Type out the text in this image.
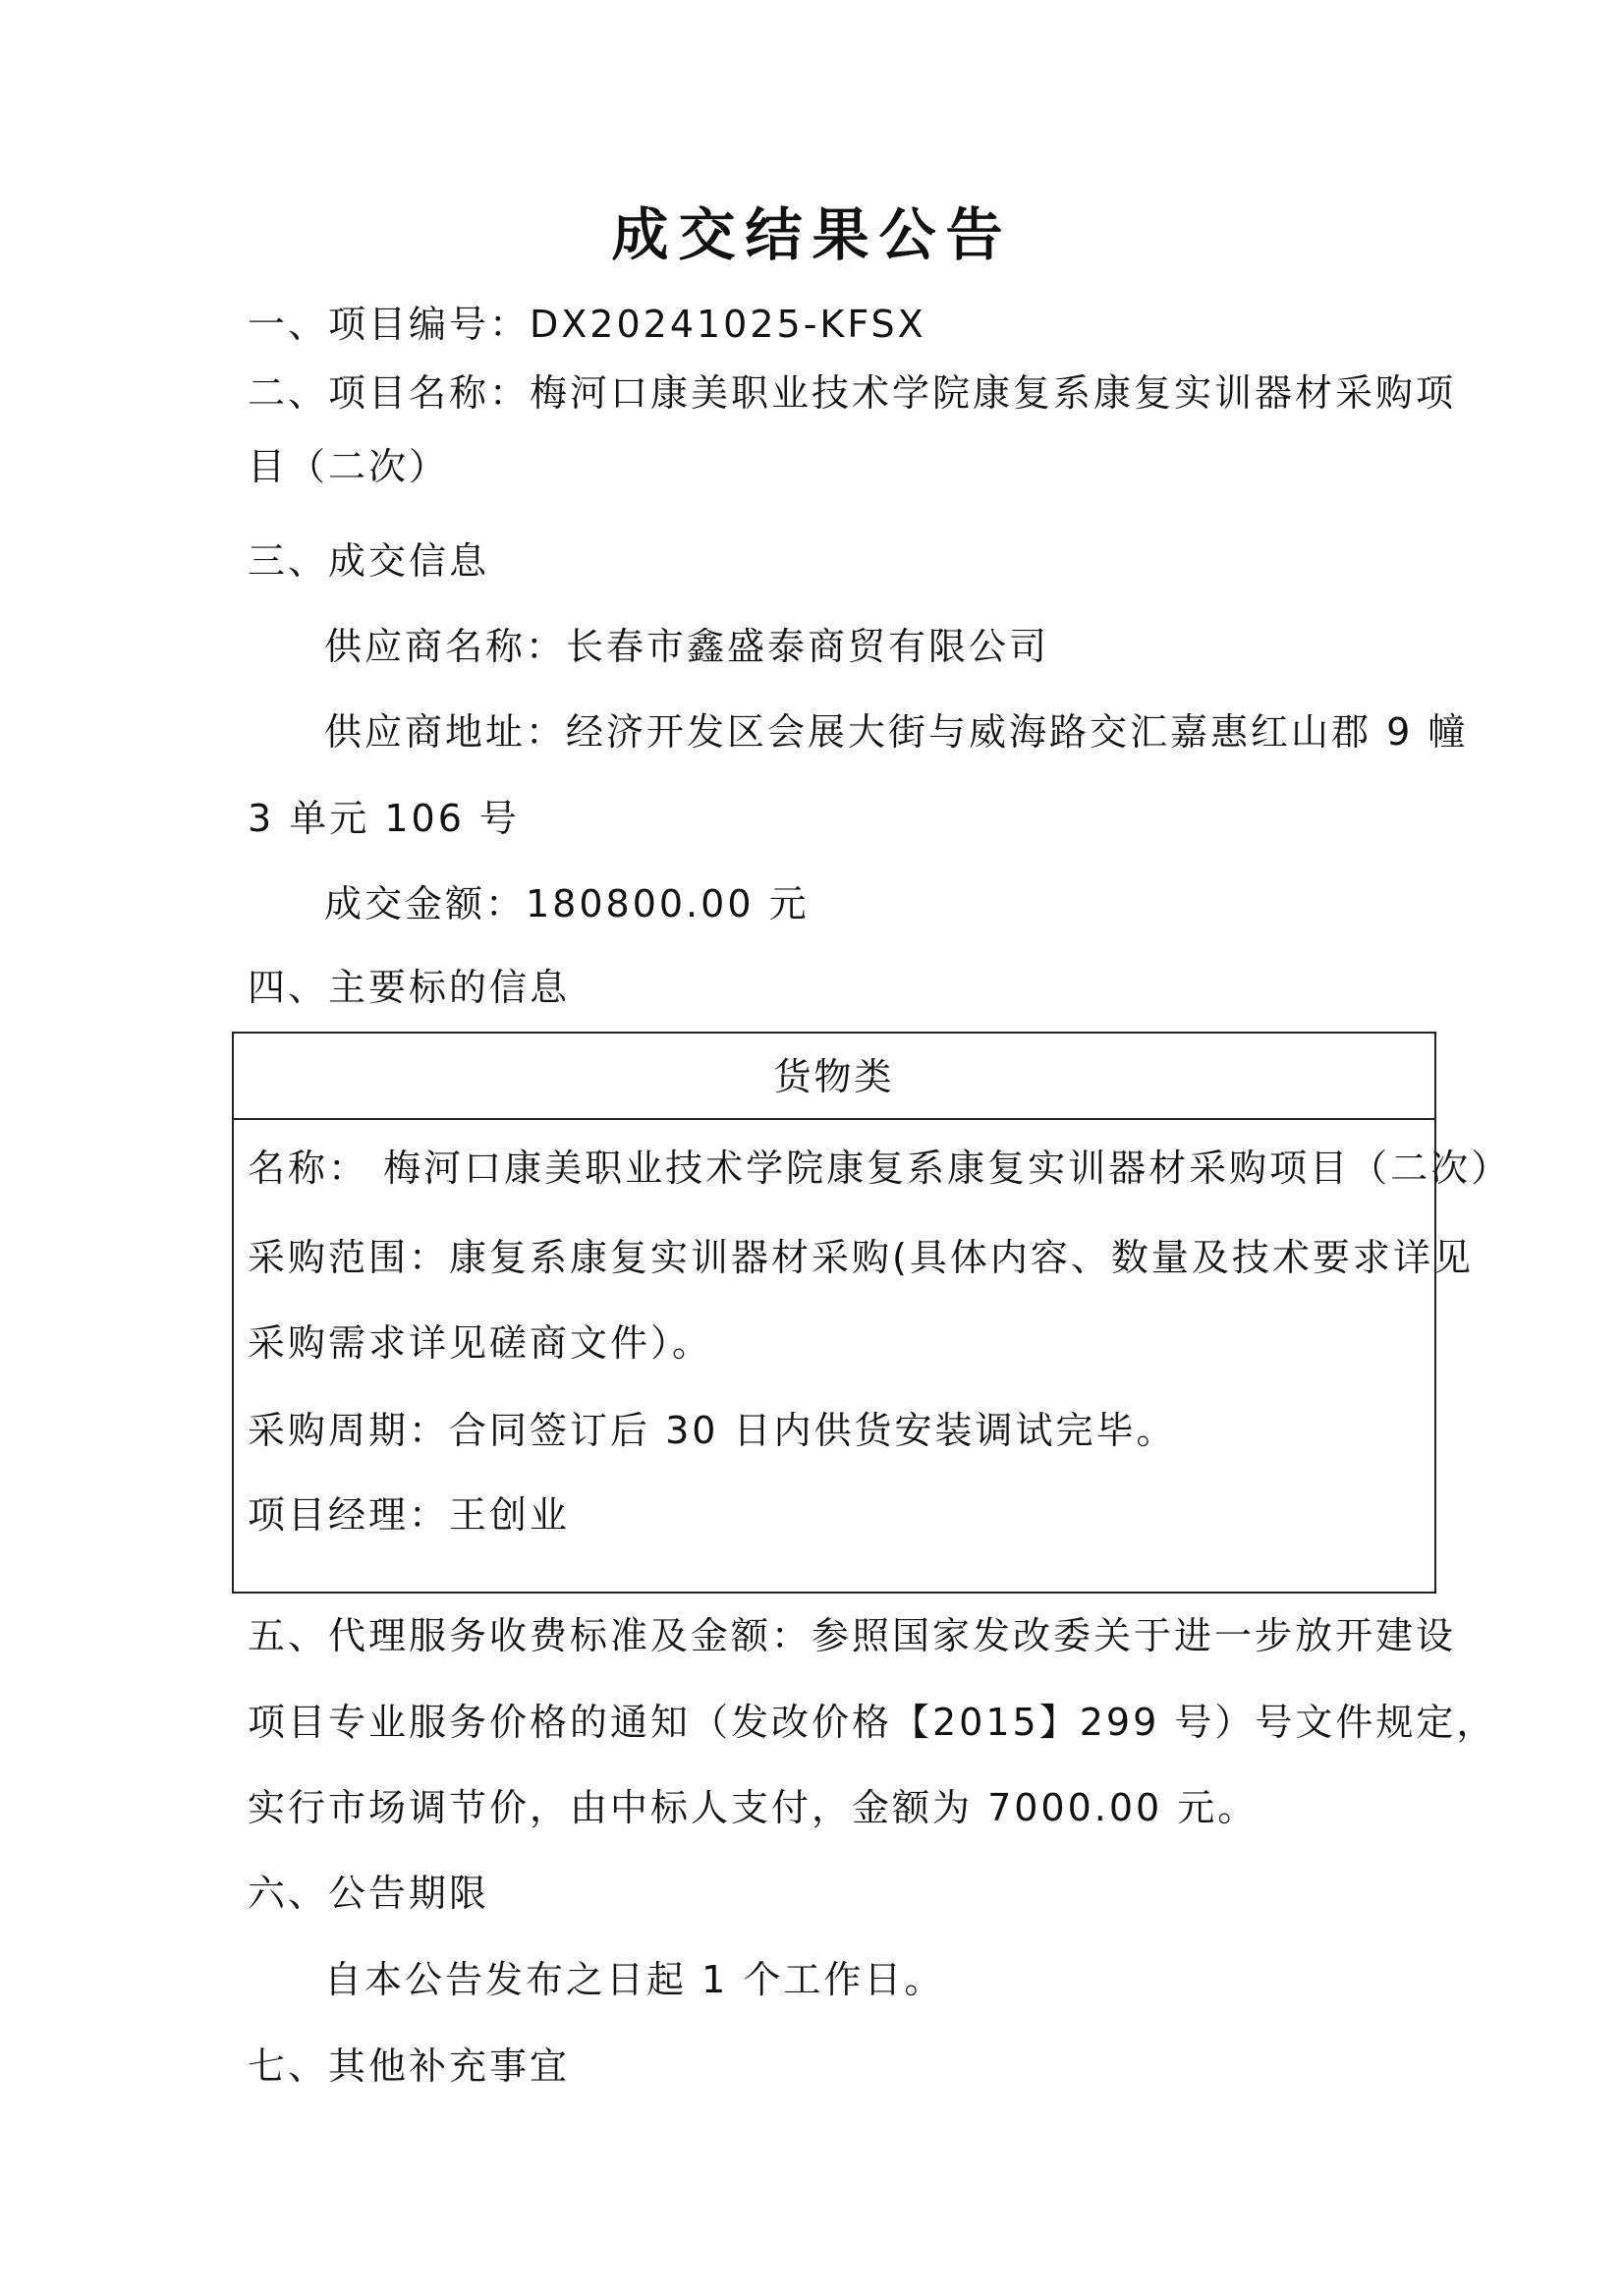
成交结果公告
一、项目编号：DX20241025-KFSX
二、项目名称：梅河口康美职业技术学院康复系康复实训器材采购项
目（二次）
三、成交信息
供应商名称：长春市鑫盛泰商贸有限公司
供应商地址：经济开发区会展大街与威海路交汇嘉惠红山郡 9 幢
3 单元 106 号
成交金额：180800.00 元
四、主要标的信息
货物类
名称： 梅河口康美职业技术学院康复系康复实训器材采购项目（二次）
采购范围：康复系康复实训器材采购(具体内容、数量及技术要求详见
采购需求详见磋商文件）。
采购周期：合同签订后 30 日内供货安装调试完毕。
项目经理：王创业
五、代理服务收费标准及金额：参照国家发改委关于进一步放开建设
项目专业服务价格的通知（发改价格【2015】299 号）号文件规定，
实行市场调节价，由中标人支付，金额为 7000.00 元。
六、公告期限
自本公告发布之日起 1 个工作日。
七、其他补充事宜
